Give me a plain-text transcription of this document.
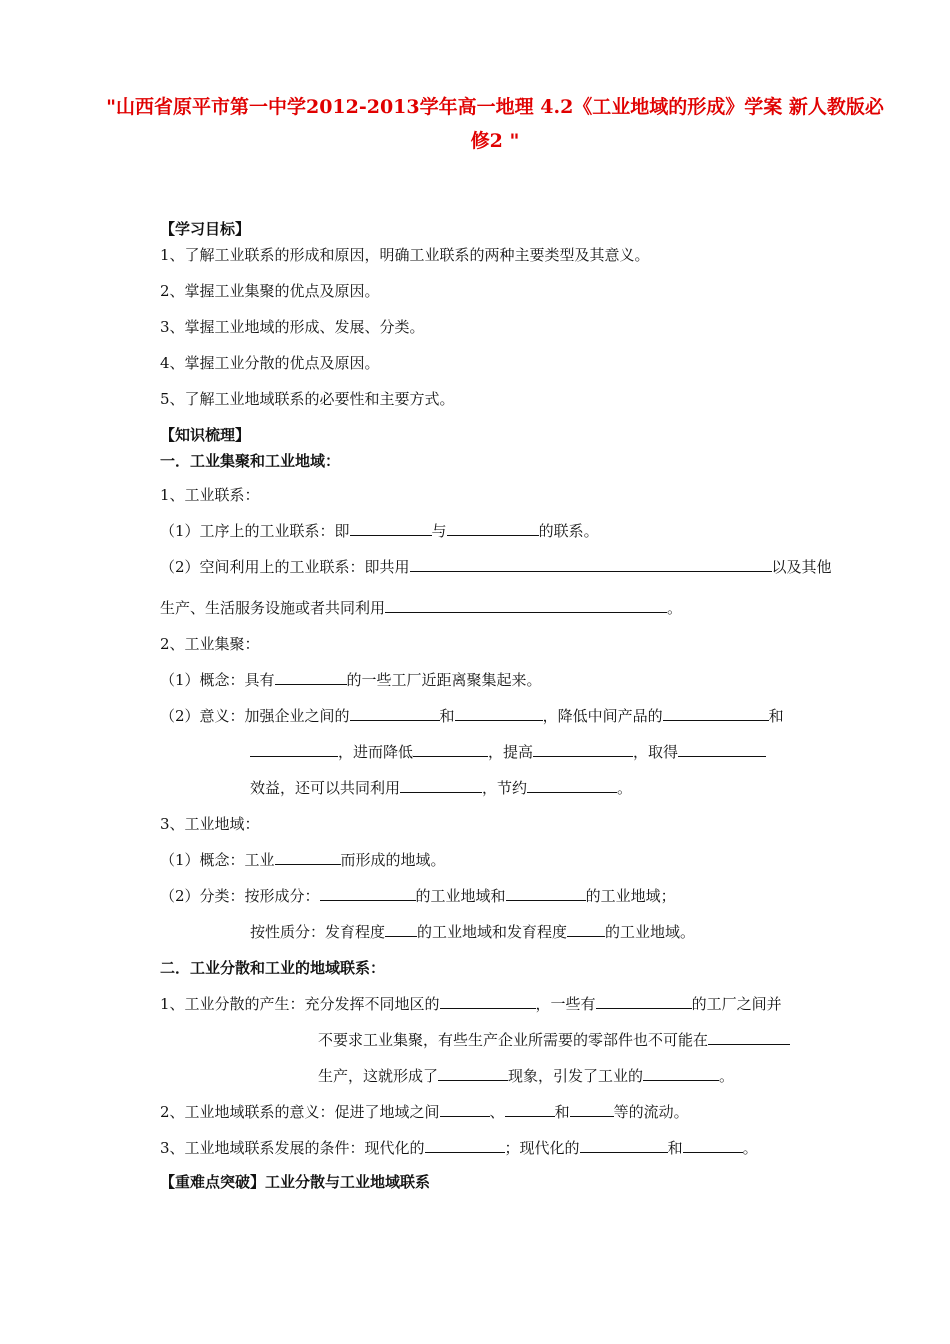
"山西省原平市第一中学2012-2013学年高一地理 4.2《工业地域的形成》学案 新人教版必修2 "
【学习目标】
1、了解工业联系的形成和原因，明确工业联系的两种主要类型及其意义。
2、掌握工业集聚的优点及原因。
3、掌握工业地域的形成、发展、分类。
4、掌握工业分散的优点及原因。
5、了解工业地域联系的必要性和主要方式。
【知识梳理】
一．工业集聚和工业地域：
1、工业联系：
（1）工序上的工业联系：即	与	的联系。
（2）空间利用上的工业联系：即共用	以及其他
生产、生活服务设施或者共同利用	。
2、工业集聚：
（1）概念：具有	的一些工厂近距离聚集起来。
（2）意义：加强企业之间的	和	，降低中间产品的	和
，进而降低	，提高	，取得
效益，还可以共同利用	，节约	。
3、工业地域：
（1）概念：工业	而形成的地域。
（2）分类：按形成分：	的工业地域和	的工业地域；
按性质分：发育程度 的工业地域和发育程度	的工业地域。
二．工业分散和工业的地域联系：
1、工业分散的产生：充分发挥不同地区的	，一些有	的工厂之间并
不要求工业集聚，有些生产企业所需要的零部件也不可能在
生产，这就形成了	现象，引发了工业的	。
2、工业地域联系的意义：促进了地域之间	、	和	等的流动。
3、工业地域联系发展的条件：现代化的	；现代化的	和	。
【重难点突破】工业分散与工业地域联系
